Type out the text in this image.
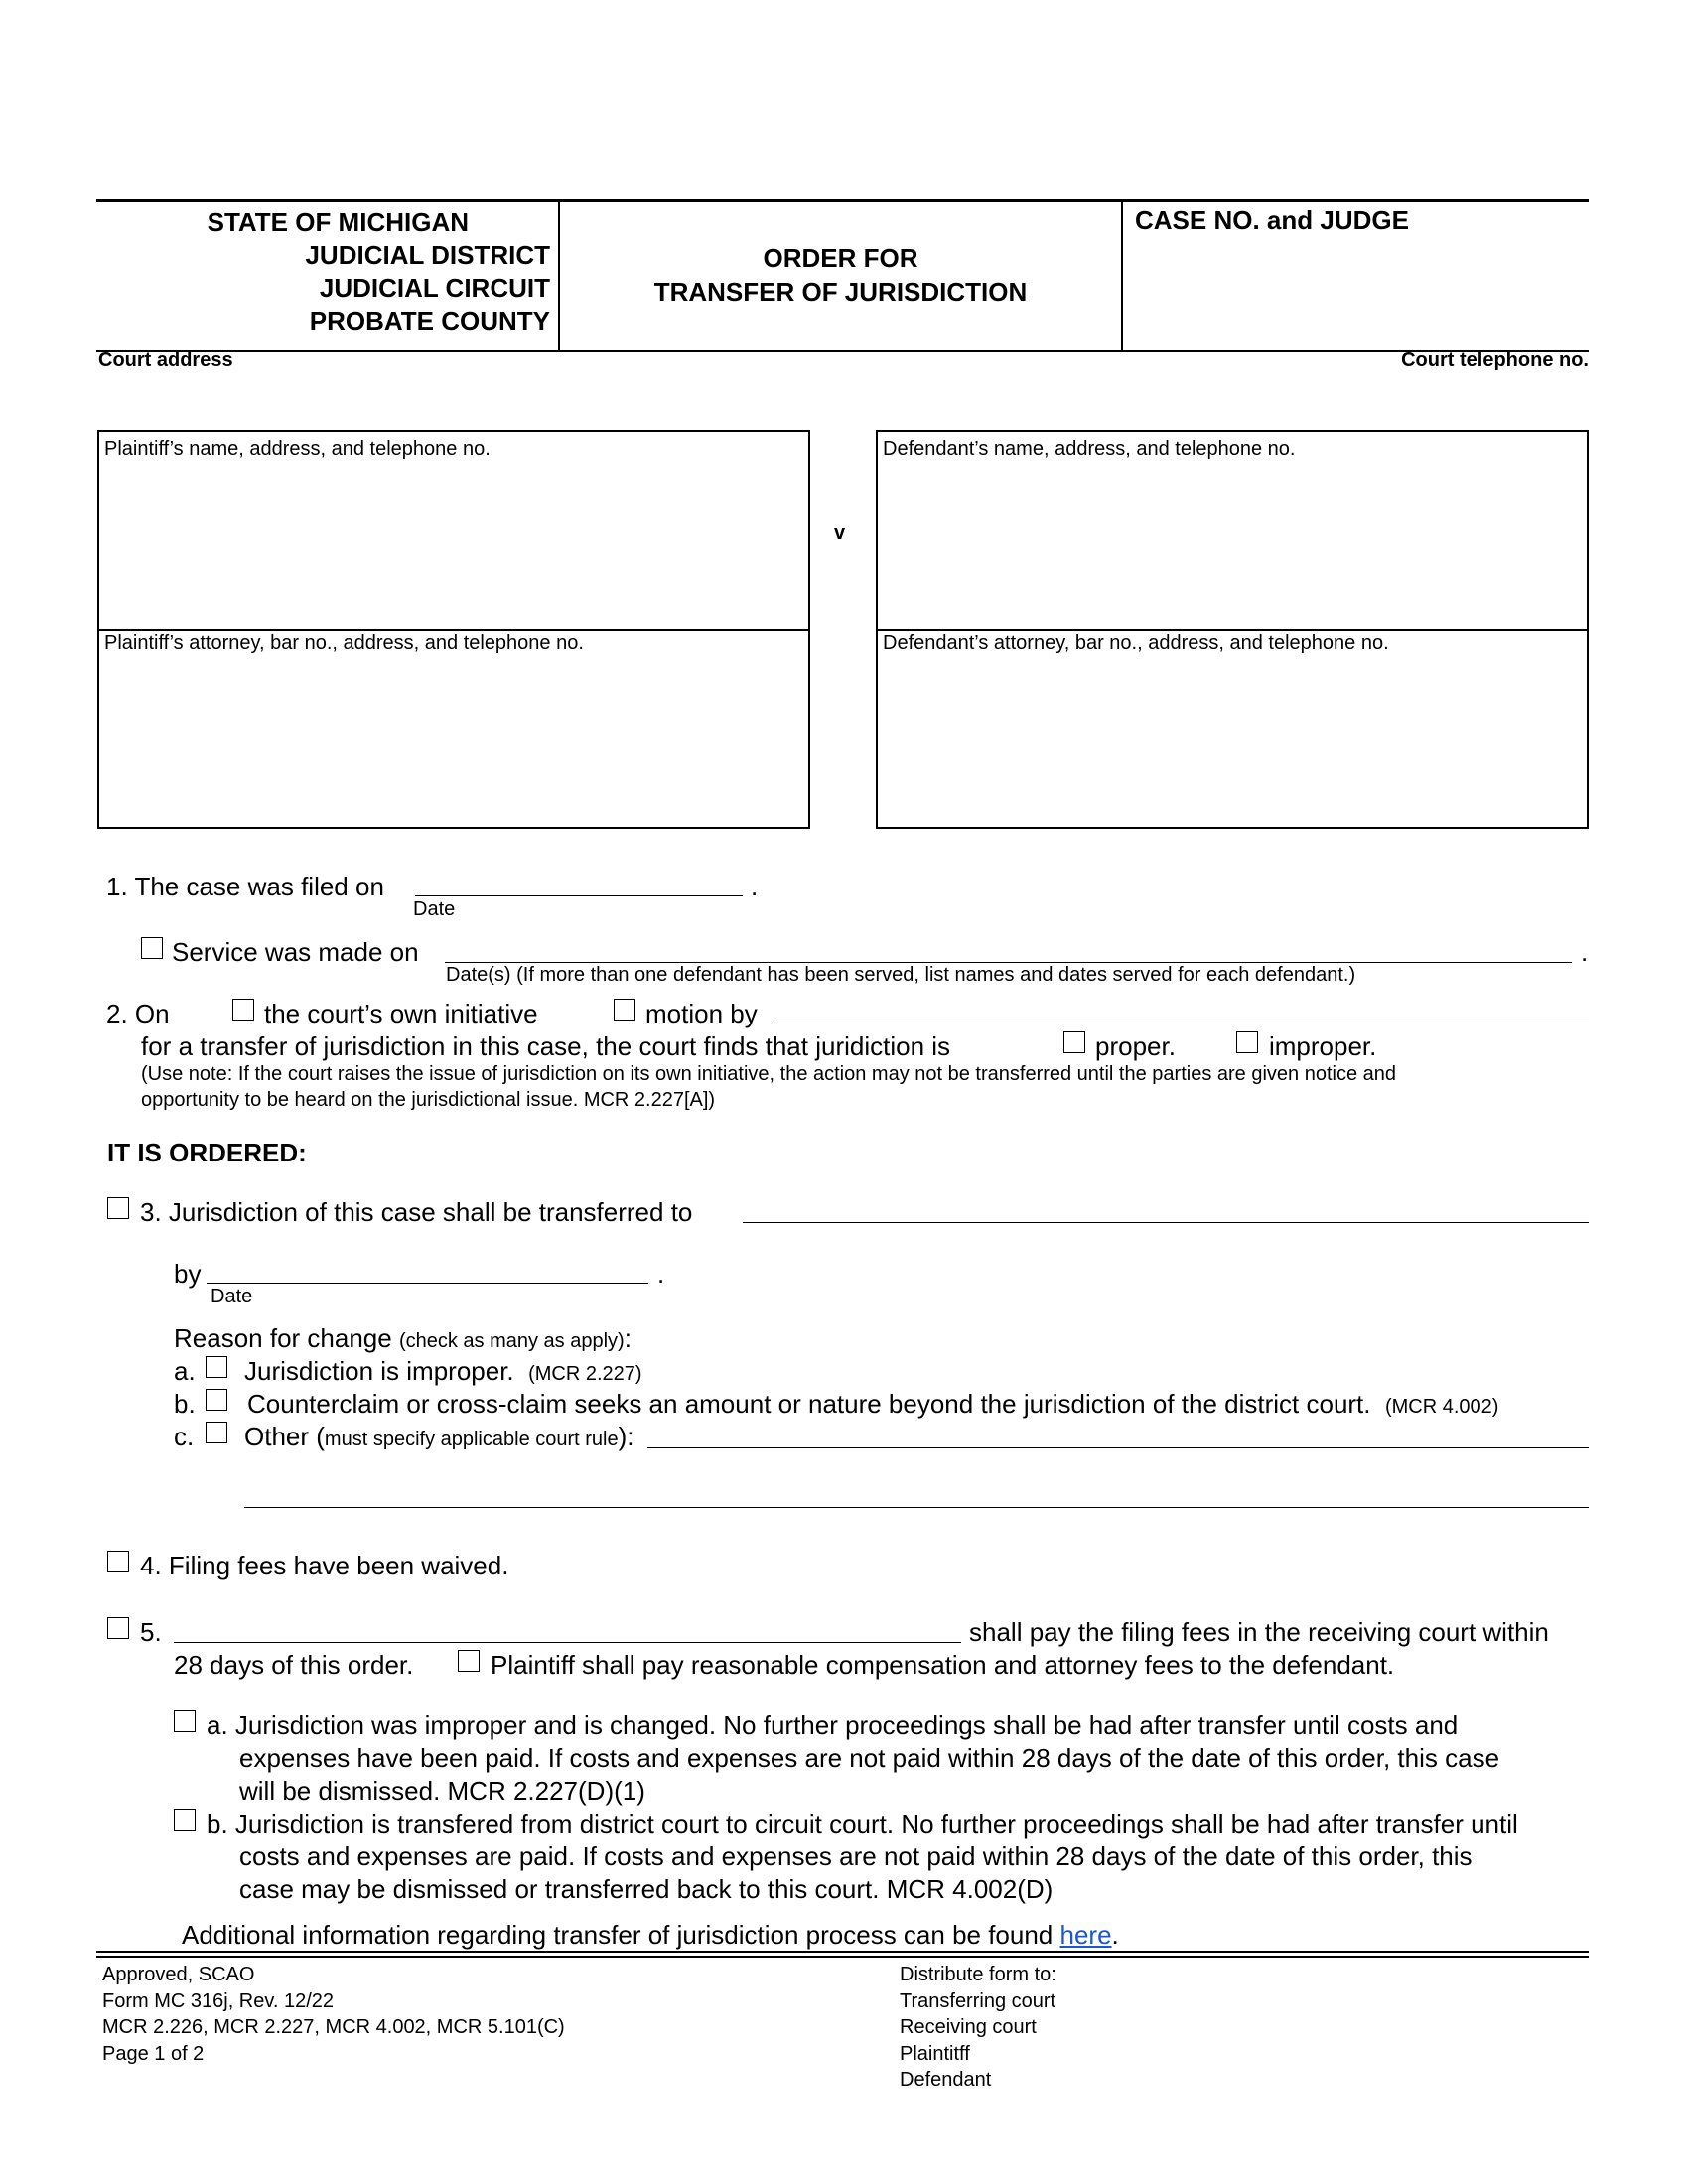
STATE OF MICHIGAN
JUDICIAL DISTRICT
JUDICIAL CIRCUIT
PROBATE COUNTY
ORDER FOR
TRANSFER OF JURISDICTION
CASE NO. and JUDGE
Court address	Court telephone no.
Plaintiff’s name, address, and telephone no.
Plaintiff’s attorney, bar no., address, and telephone no.
v
Defendant’s name, address, and telephone no.
Defendant’s attorney, bar no., address, and telephone no.
1. The case was filed on	.
Date
Service was made on	.
Date(s) (If more than one defendant has been served, list names and dates served for each defendant.)
2. On	the court’s own initiative	motion by
for a transfer of jurisdiction in this case, the court finds that juridiction is	proper.	improper.
(Use note: If the court raises the issue of jurisdiction on its own initiative, the action may not be transferred until the parties are given notice and
opportunity to be heard on the jurisdictional issue. MCR 2.227[A])
IT IS ORDERED:
3. Jurisdiction of this case shall be transferred to
by	.
Date
Reason for change (check as many as apply):
a. Jurisdiction is improper. (MCR 2.227)
b. Counterclaim or cross-claim seeks an amount or nature beyond the jurisdiction of the district court. (MCR 4.002)
c. Other (must specify applicable court rule):
4. Filing fees have been waived.
5.	shall pay the filing fees in the receiving court within
28 days of this order.	Plaintiff shall pay reasonable compensation and attorney fees to the defendant.
a. Jurisdiction was improper and is changed. No further proceedings shall be had after transfer until costs and
expenses have been paid. If costs and expenses are not paid within 28 days of the date of this order, this case
will be dismissed. MCR 2.227(D)(1)
b. Jurisdiction is transfered from district court to circuit court. No further proceedings shall be had after transfer until
costs and expenses are paid. If costs and expenses are not paid within 28 days of the date of this order, this
case may be dismissed or transferred back to this court. MCR 4.002(D)
Additional information regarding transfer of jurisdiction process can be found here.
Approved, SCAO
Form MC 316j, Rev. 12/22
MCR 2.226, MCR 2.227, MCR 4.002, MCR 5.101(C)
Page 1 of 2
Distribute form to:
Transferring court
Receiving court
Plaintitff
Defendant
